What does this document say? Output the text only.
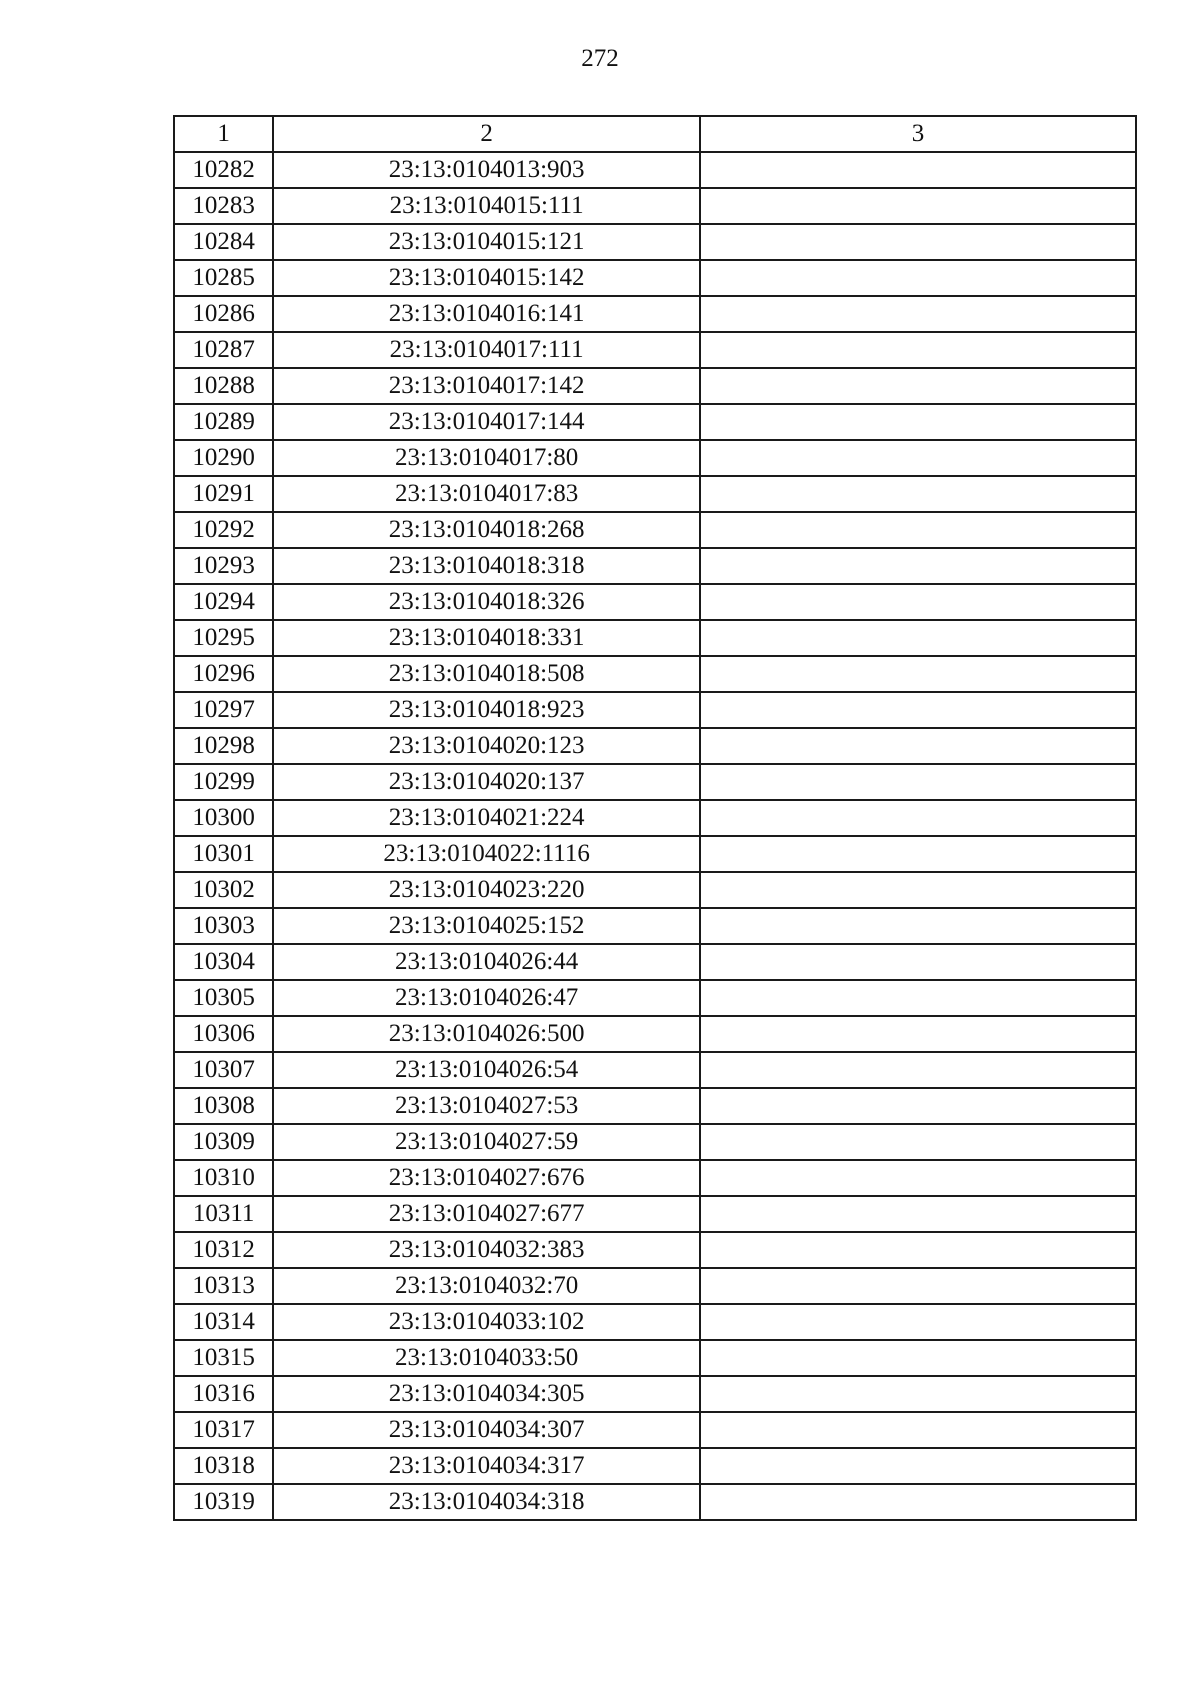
272
1	2	3
10282	23:13:0104013:903	
10283	23:13:0104015:111	
10284	23:13:0104015:121	
10285	23:13:0104015:142	
10286	23:13:0104016:141	
10287	23:13:0104017:111	
10288	23:13:0104017:142	
10289	23:13:0104017:144	
10290	23:13:0104017:80	
10291	23:13:0104017:83	
10292	23:13:0104018:268	
10293	23:13:0104018:318	
10294	23:13:0104018:326	
10295	23:13:0104018:331	
10296	23:13:0104018:508	
10297	23:13:0104018:923	
10298	23:13:0104020:123	
10299	23:13:0104020:137	
10300	23:13:0104021:224	
10301	23:13:0104022:1116	
10302	23:13:0104023:220	
10303	23:13:0104025:152	
10304	23:13:0104026:44	
10305	23:13:0104026:47	
10306	23:13:0104026:500	
10307	23:13:0104026:54	
10308	23:13:0104027:53	
10309	23:13:0104027:59	
10310	23:13:0104027:676	
10311	23:13:0104027:677	
10312	23:13:0104032:383	
10313	23:13:0104032:70	
10314	23:13:0104033:102	
10315	23:13:0104033:50	
10316	23:13:0104034:305	
10317	23:13:0104034:307	
10318	23:13:0104034:317	
10319	23:13:0104034:318	
